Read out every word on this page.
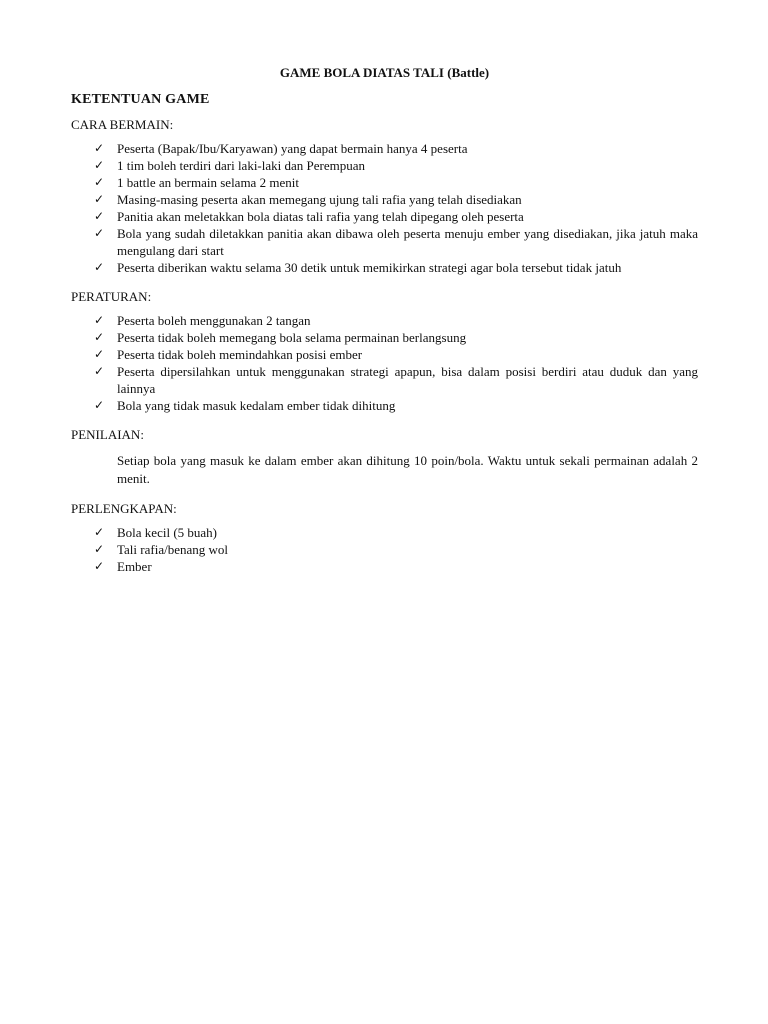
GAME BOLA DIATAS TALI (Battle)
KETENTUAN GAME
CARA BERMAIN:
✓ Peserta (Bapak/Ibu/Karyawan) yang dapat bermain hanya 4 peserta
✓ 1 tim boleh terdiri dari laki-laki dan Perempuan
✓ 1 battle an bermain selama 2 menit
✓ Masing-masing peserta akan memegang ujung tali rafia yang telah disediakan
✓ Panitia akan meletakkan bola diatas tali rafia yang telah dipegang oleh peserta
✓ Bola yang sudah diletakkan panitia akan dibawa oleh peserta menuju ember yang disediakan, jika jatuh maka mengulang dari start
✓ Peserta diberikan waktu selama 30 detik untuk memikirkan strategi agar bola tersebut tidak jatuh
PERATURAN:
✓ Peserta boleh menggunakan 2 tangan
✓ Peserta tidak boleh memegang bola selama permainan berlangsung
✓ Peserta tidak boleh memindahkan posisi ember
✓ Peserta dipersilahkan untuk menggunakan strategi apapun, bisa dalam posisi berdiri atau duduk dan yang lainnya
✓ Bola yang tidak masuk kedalam ember tidak dihitung
PENILAIAN:
Setiap bola yang masuk ke dalam ember akan dihitung 10 poin/bola. Waktu untuk sekali permainan adalah 2 menit.
PERLENGKAPAN:
✓ Bola kecil (5 buah)
✓ Tali rafia/benang wol
✓ Ember
